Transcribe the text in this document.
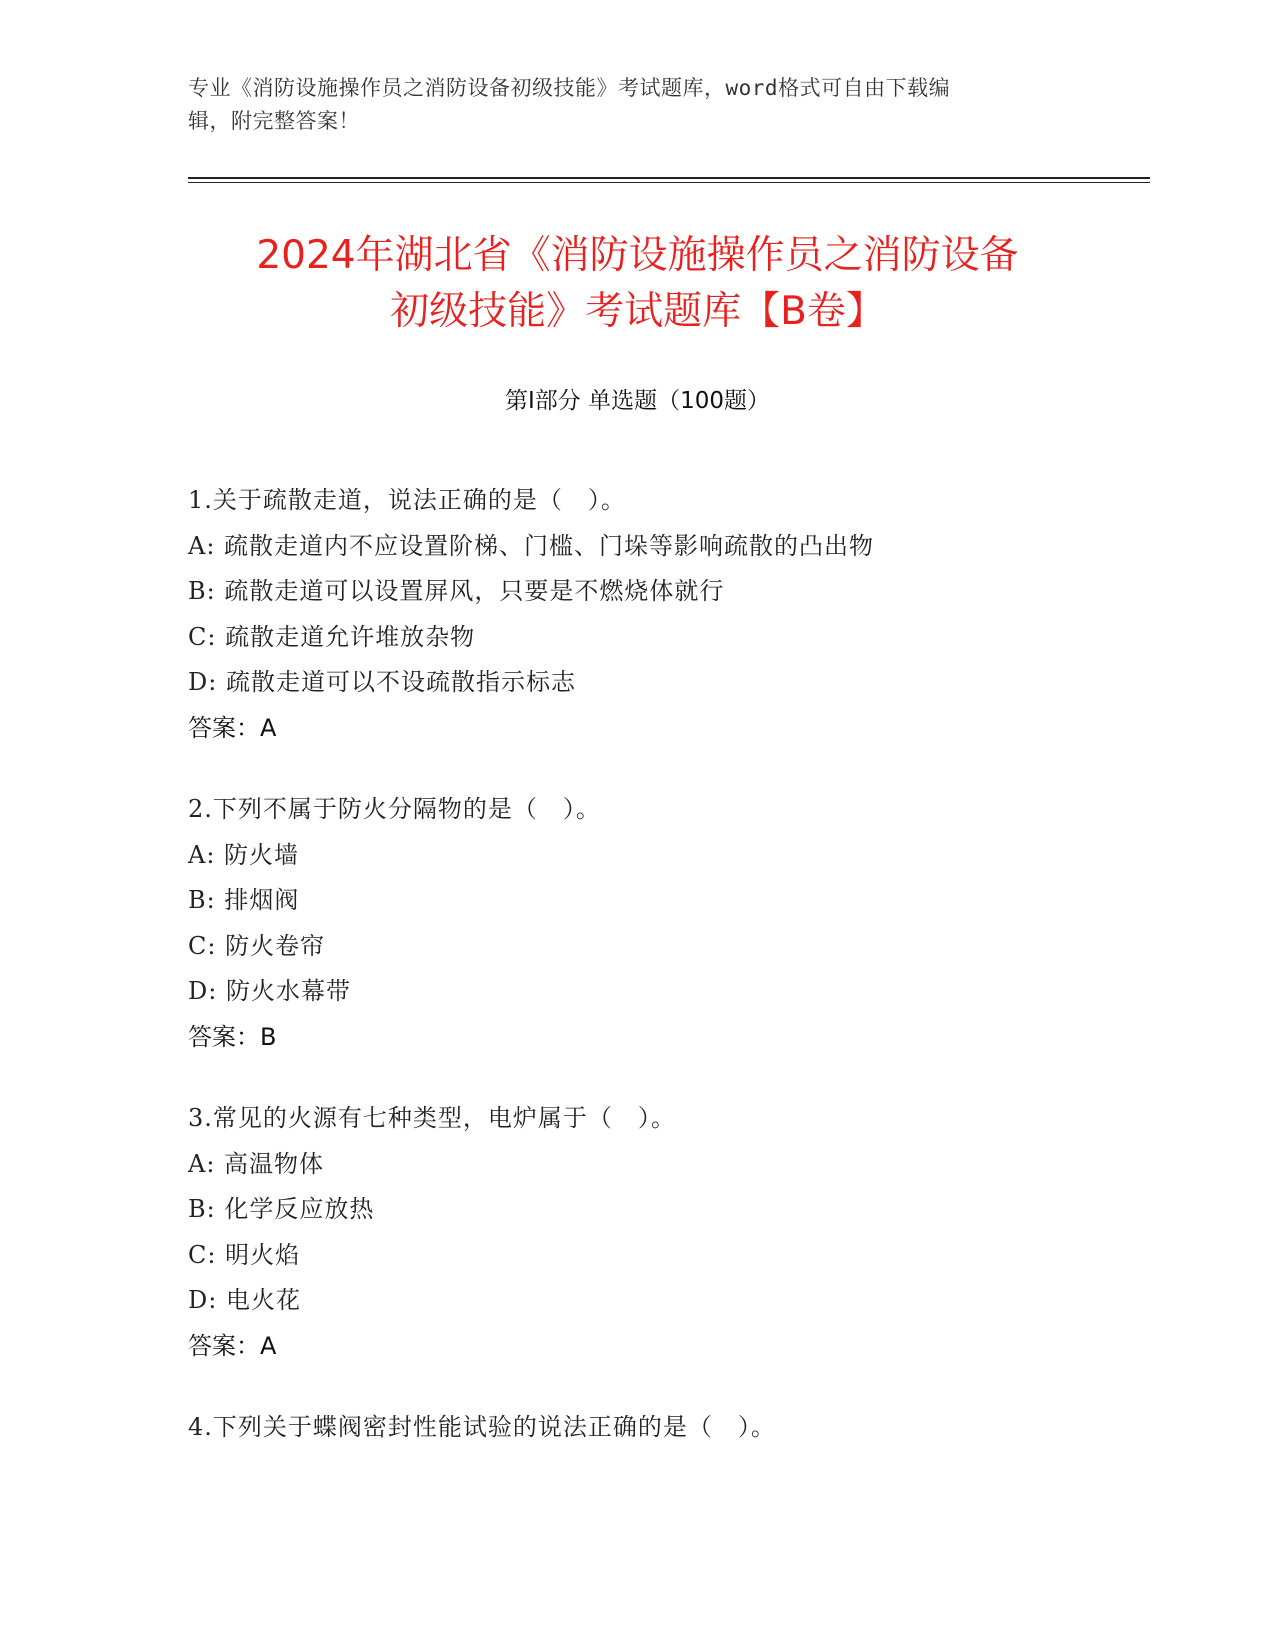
专业《消防设施操作员之消防设备初级技能》考试题库，word格式可自由下载编
辑，附完整答案！
2024年湖北省《消防设施操作员之消防设备
初级技能》考试题库【B卷】
第Ⅰ部分 单选题（100题）
1.关于疏散走道，说法正确的是（　）。
A: 疏散走道内不应设置阶梯、门槛、门垛等影响疏散的凸出物
B: 疏散走道可以设置屏风，只要是不燃烧体就行
C: 疏散走道允许堆放杂物
D: 疏散走道可以不设疏散指示标志
答案：A
2.下列不属于防火分隔物的是（　）。
A: 防火墙
B: 排烟阀
C: 防火卷帘
D: 防火水幕带
答案：B
3.常见的火源有七种类型，电炉属于（　）。
A: 高温物体
B: 化学反应放热
C: 明火焰
D: 电火花
答案：A
4.下列关于蝶阀密封性能试验的说法正确的是（　）。
